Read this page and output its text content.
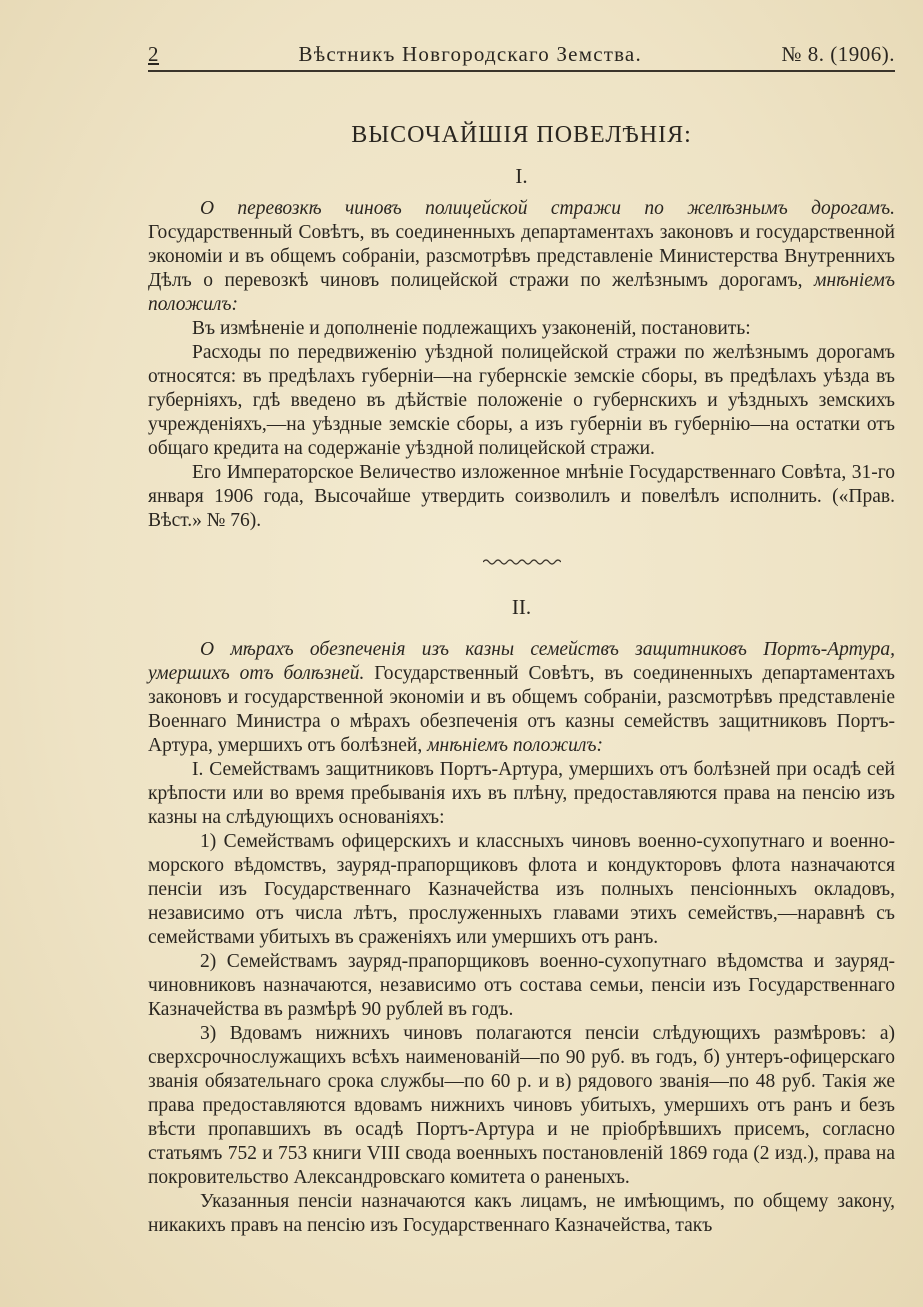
2	Вѣстникъ Новгородскаго Земства.	№ 8. (1906).
ВЫСОЧАЙШІЯ ПОВЕЛѢНІЯ:
I.

О перевозкѣ чиновъ полицейской стражи по желѣзнымъ дорогамъ. Государственный Совѣтъ, въ соединенныхъ департаментахъ законовъ и государственной экономіи и въ общемъ собраніи, разсмотрѣвъ представленіе Министерства Внутреннихъ Дѣлъ о перевозкѣ чиновъ полицейской стражи по желѣзнымъ дорогамъ, мнѣніемъ положилъ:

Въ измѣненіе и дополненіе подлежащихъ узаконеній, постановить:

Расходы по передвиженію уѣздной полицейской стражи по желѣзнымъ дорогамъ относятся: въ предѣлахъ губерніи—на губернскіе земскіе сборы, въ предѣлахъ уѣзда въ губерніяхъ, гдѣ введено въ дѣйствіе положеніе о губернскихъ и уѣздныхъ земскихъ учрежденіяхъ,—на уѣздные земскіе сборы, а изъ губерніи въ губернію—на остатки отъ общаго кредита на содержаніе уѣздной полицейской стражи.

Его Императорское Величество изложенное мнѣніе Государственнаго Совѣта, 31-го января 1906 года, Высочайше утвердить соизволилъ и повелѣлъ исполнить. («Прав. Вѣст.» № 76).

II.

О мѣрахъ обезпеченія изъ казны семействъ защитниковъ Портъ-Артура, умершихъ отъ болѣзней. Государственный Совѣтъ, въ соединенныхъ департаментахъ законовъ и государственной экономіи и въ общемъ собраніи, разсмотрѣвъ представленіе Военнаго Министра о мѣрахъ обезпеченія отъ казны семействъ защитниковъ Портъ-Артура, умершихъ отъ болѣзней, мнѣніемъ положилъ:

I. Семействамъ защитниковъ Портъ-Артура, умершихъ отъ болѣзней при осадѣ сей крѣпости или во время пребыванія ихъ въ плѣну, предоставляются права на пенсію изъ казны на слѣдующихъ основаніяхъ:

1) Семействамъ офицерскихъ и классныхъ чиновъ военно-сухопутнаго и военно-морского вѣдомствъ, зауряд-прапорщиковъ флота и кондукторовъ флота назначаются пенсіи изъ Государственнаго Казначейства изъ полныхъ пенсіонныхъ окладовъ, независимо отъ числа лѣтъ, прослуженныхъ главами этихъ семействъ,—наравнѣ съ семействами убитыхъ въ сраженіяхъ или умершихъ отъ ранъ.

2) Семействамъ зауряд-прапорщиковъ военно-сухопутнаго вѣдомства и зауряд-чиновниковъ назначаются, независимо отъ состава семьи, пенсіи изъ Государственнаго Казначейства въ размѣрѣ 90 рублей въ годъ.

3) Вдовамъ нижнихъ чиновъ полагаются пенсіи слѣдующихъ размѣровъ: а) сверхсрочнослужащихъ всѣхъ наименованій—по 90 руб. въ годъ, б) унтеръ-офицерскаго званія обязательнаго срока службы—по 60 р. и в) рядового званія—по 48 руб. Такія же права предоставляются вдовамъ нижнихъ чиновъ убитыхъ, умершихъ отъ ранъ и безъ вѣсти пропавшихъ въ осадѣ Портъ-Артура и не пріобрѣвшихъ присемъ, согласно статьямъ 752 и 753 книги VIII свода военныхъ постановленій 1869 года (2 изд.), права на покровительство Александровскаго комитета о раненыхъ.

Указанныя пенсіи назначаются какъ лицамъ, не имѣющимъ, по общему закону, никакихъ правъ на пенсію изъ Государственнаго Казначейства, такъ
